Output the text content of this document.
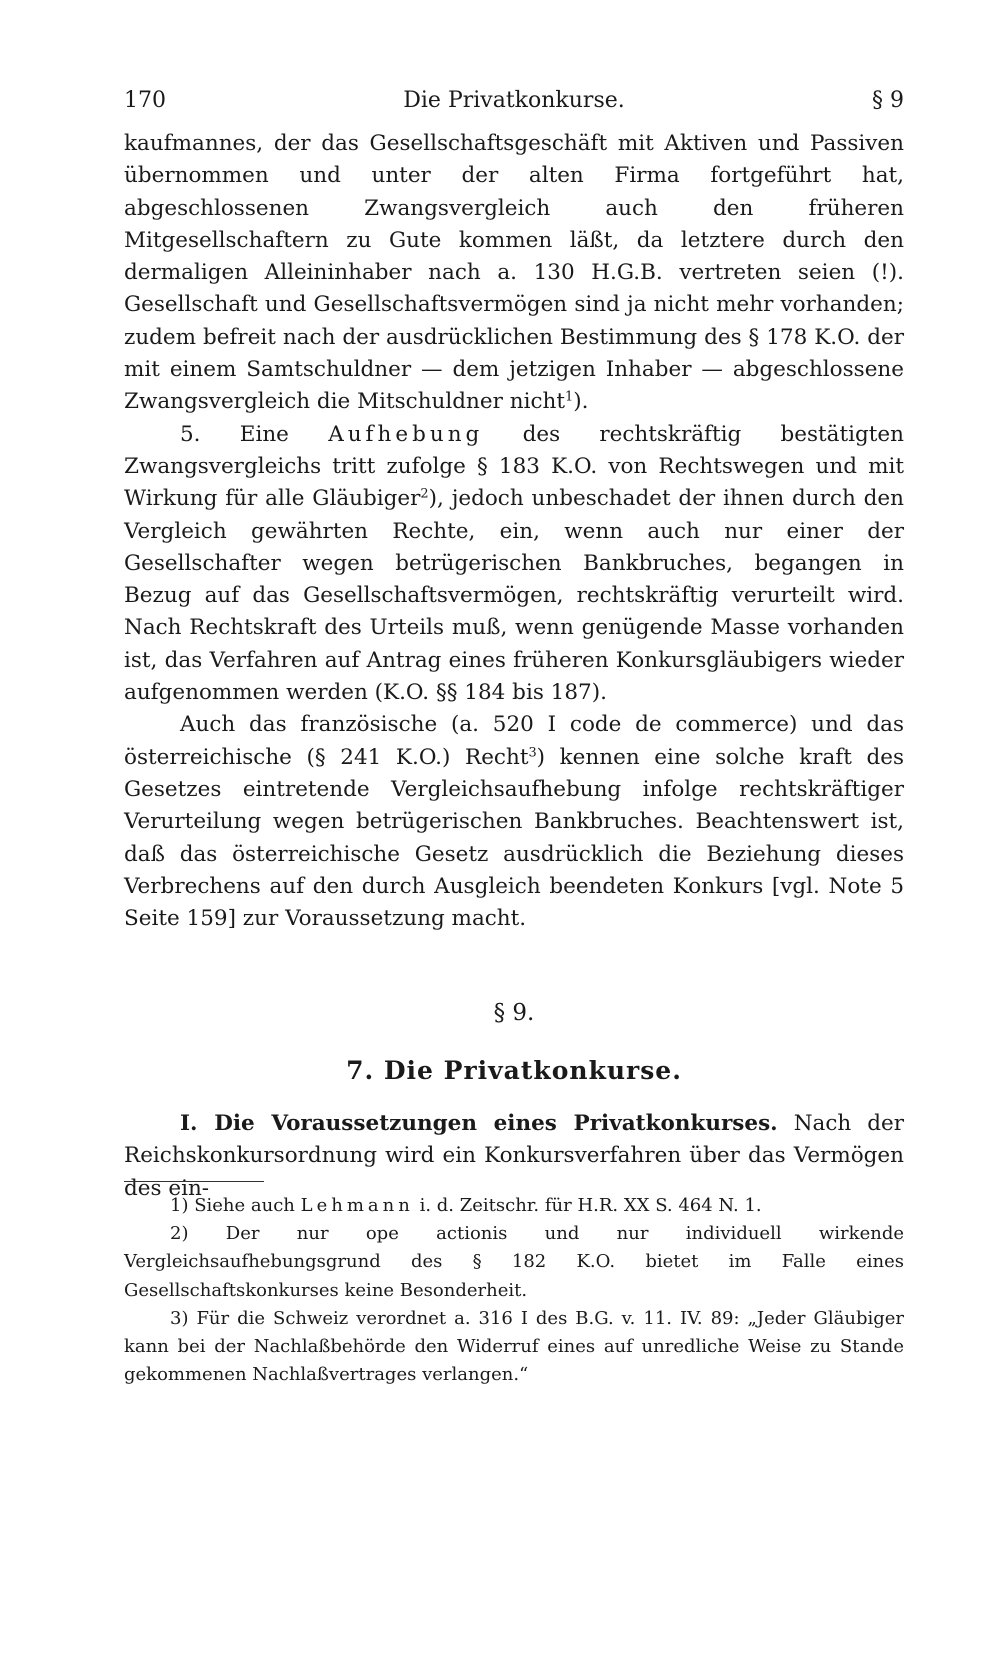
170	Die Privatkonkurse.	§ 9

kaufmannes, der das Gesellschaftsgeschäft mit Aktiven und Passiven übernommen und unter der alten Firma fortgeführt hat, abgeschlossenen Zwangsvergleich auch den früheren Mitgesellschaftern zu Gute kommen läßt, da letztere durch den dermaligen Alleininhaber nach a. 130 H.G.B. vertreten seien (!). Gesellschaft und Gesellschaftsvermögen sind ja nicht mehr vorhanden; zudem befreit nach der ausdrücklichen Bestimmung des § 178 K.O. der mit einem Samtschuldner — dem jetzigen Inhaber — abgeschlossene Zwangsvergleich die Mitschuldner nicht$^1$).

5. Eine Aufhebung des rechtskräftig bestätigten Zwangsvergleichs tritt zufolge § 183 K.O. von Rechtswegen und mit Wirkung für alle Gläubiger$^2$), jedoch unbeschadet der ihnen durch den Vergleich gewährten Rechte, ein, wenn auch nur einer der Gesellschafter wegen betrügerischen Bankbruches, begangen in Bezug auf das Gesellschaftsvermögen, rechtskräftig verurteilt wird. Nach Rechtskraft des Urteils muß, wenn genügende Masse vorhanden ist, das Verfahren auf Antrag eines früheren Konkursgläubigers wieder aufgenommen werden (K.O. §§ 184 bis 187).

Auch das französische (a. 520 I code de commerce) und das österreichische (§ 241 K.O.) Recht$^3$) kennen eine solche kraft des Gesetzes eintretende Vergleichsaufhebung infolge rechtskräftiger Verurteilung wegen betrügerischen Bankbruches. Beachtenswert ist, daß das österreichische Gesetz ausdrücklich die Beziehung dieses Verbrechens auf den durch Ausgleich beendeten Konkurs [vgl. Note 5 Seite 159] zur Voraussetzung macht.

§ 9.
7. Die Privatkonkurse.
I. Die Voraussetzungen eines Privatkonkurses. Nach der Reichskonkursordnung wird ein Konkursverfahren über das Vermögen des ein-

1) Siehe auch Lehmann i. d. Zeitschr. für H.R. XX S. 464 N. 1.

2) Der nur ope actionis und nur individuell wirkende Vergleichsaufhebungsgrund des § 182 K.O. bietet im Falle eines Gesellschaftskonkurses keine Besonderheit.

3) Für die Schweiz verordnet a. 316 I des B.G. v. 11. IV. 89: „Jeder Gläubiger kann bei der Nachlaßbehörde den Widerruf eines auf unredliche Weise zu Stande gekommenen Nachlaßvertrages verlangen.“
